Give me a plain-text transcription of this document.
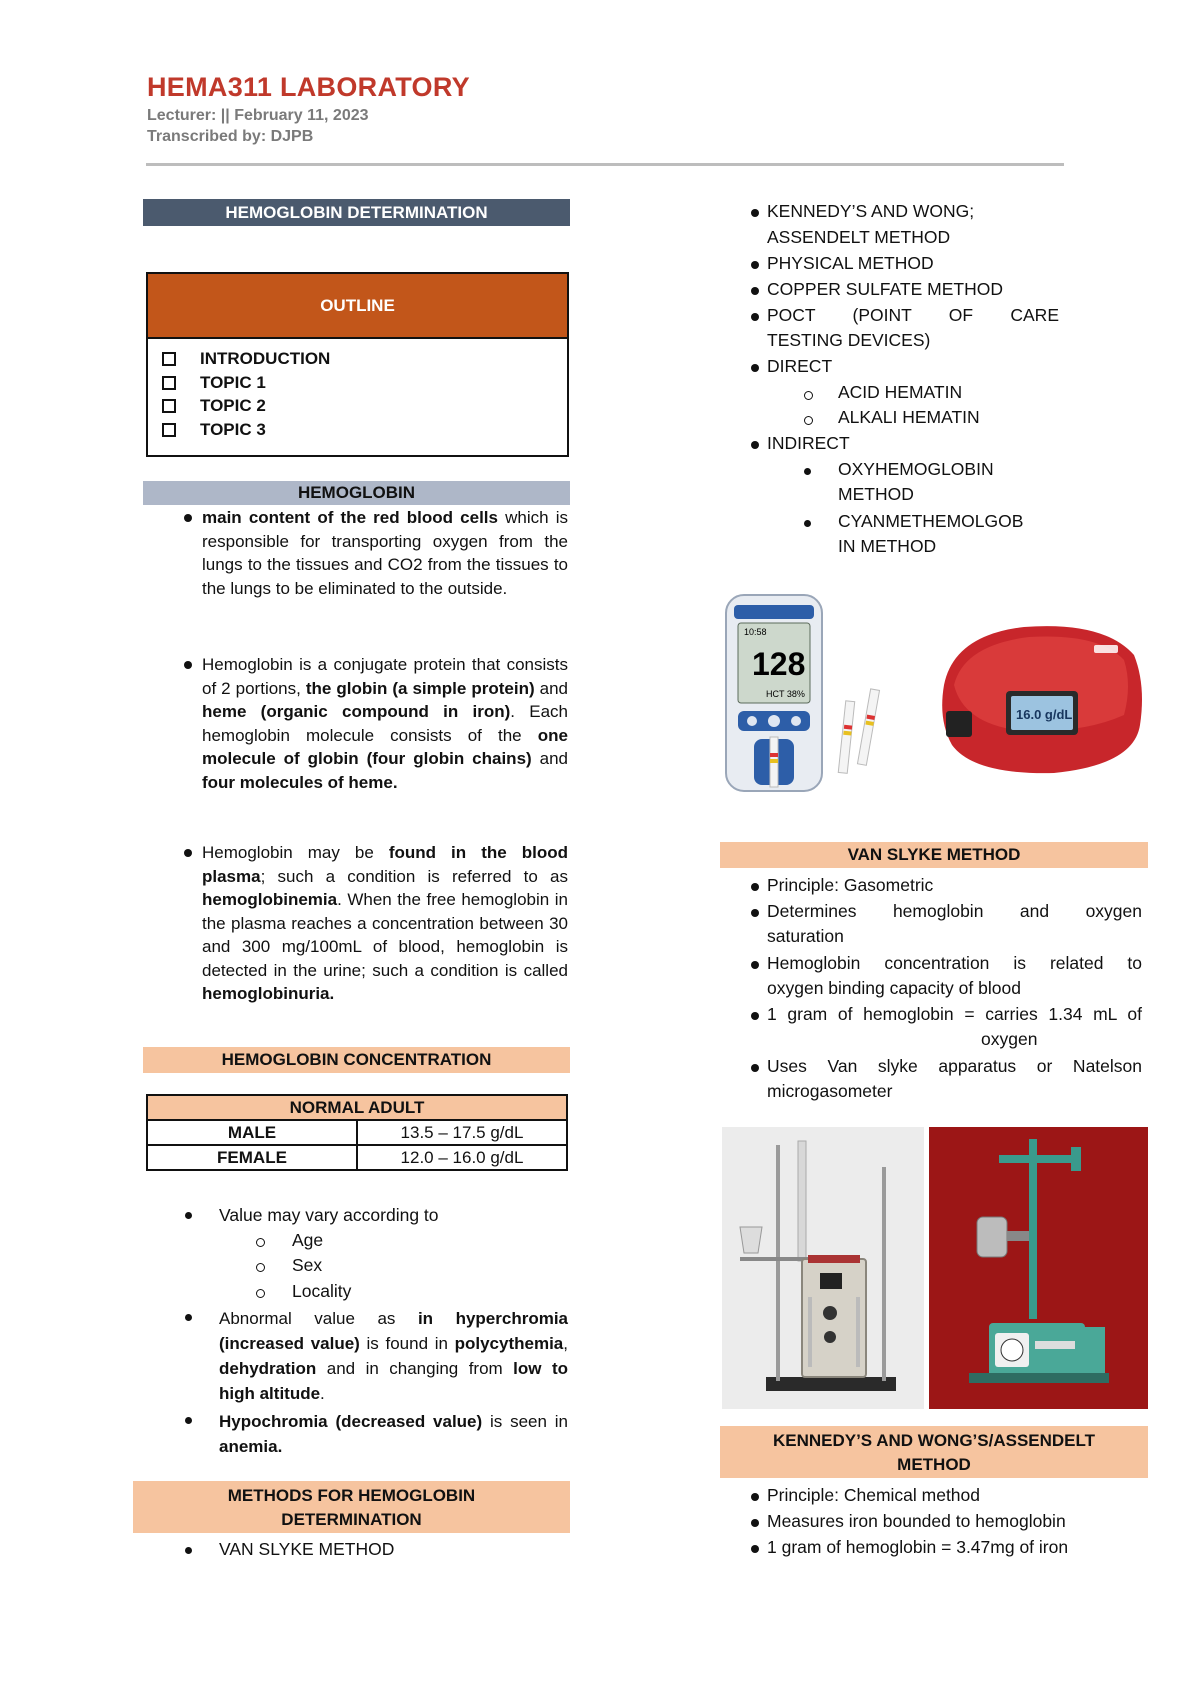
HEMA311 LABORATORY
Lecturer: || February 11, 2023
Transcribed by: DJPB
HEMOGLOBIN DETERMINATION
OUTLINE
INTRODUCTION
TOPIC 1
TOPIC 2
TOPIC 3
HEMOGLOBIN
main content of the red blood cells which is responsible for transporting oxygen from the lungs to the tissues and CO2 from the tissues to the lungs to be eliminated to the outside.
Hemoglobin is a conjugate protein that consists of 2 portions, the globin (a simple protein) and heme (organic compound in iron). Each hemoglobin molecule consists of the one molecule of globin (four globin chains) and four molecules of heme.
Hemoglobin may be found in the blood plasma; such a condition is referred to as hemoglobinemia. When the free hemoglobin in the plasma reaches a concentration between 30 and 300 mg/100mL of blood, hemoglobin is detected in the urine; such a condition is called hemoglobinuria.
HEMOGLOBIN CONCENTRATION
NORMAL ADULT	
MALE	13.5 – 17.5 g/dL
FEMALE	12.0 – 16.0 g/dL
Value may vary according to
Age
Sex
Locality
Abnormal value as in hyperchromia (increased value) is found in polycythemia, dehydration and in changing from low to high altitude.
Hypochromia (decreased value) is seen in anemia.
METHODS FOR HEMOGLOBIN
DETERMINATION
VAN SLYKE METHOD
KENNEDY’S AND WONG;
ASSENDELT METHOD
PHYSICAL METHOD
COPPER SULFATE METHOD
POCT (POINT OF CARE
TESTING DEVICES)
DIRECT
ACID HEMATIN
ALKALI HEMATIN
INDIRECT
OXYHEMOGLOBIN
METHOD
CYANMETHEMOLGOB
IN METHOD
10:58
128
HCT 38%
16.0 g/dL
VAN SLYKE METHOD
Principle: Gasometric
Determines hemoglobin and oxygen
saturation
Hemoglobin concentration is related to
oxygen binding capacity of blood
1 gram of hemoglobin = carries 1.34 mL of
oxygen
Uses Van slyke apparatus or Natelson
microgasometer
KENNEDY’S AND WONG’S/ASSENDELT
METHOD
Principle: Chemical method
Measures iron bounded to hemoglobin
1 gram of hemoglobin = 3.47mg of iron
